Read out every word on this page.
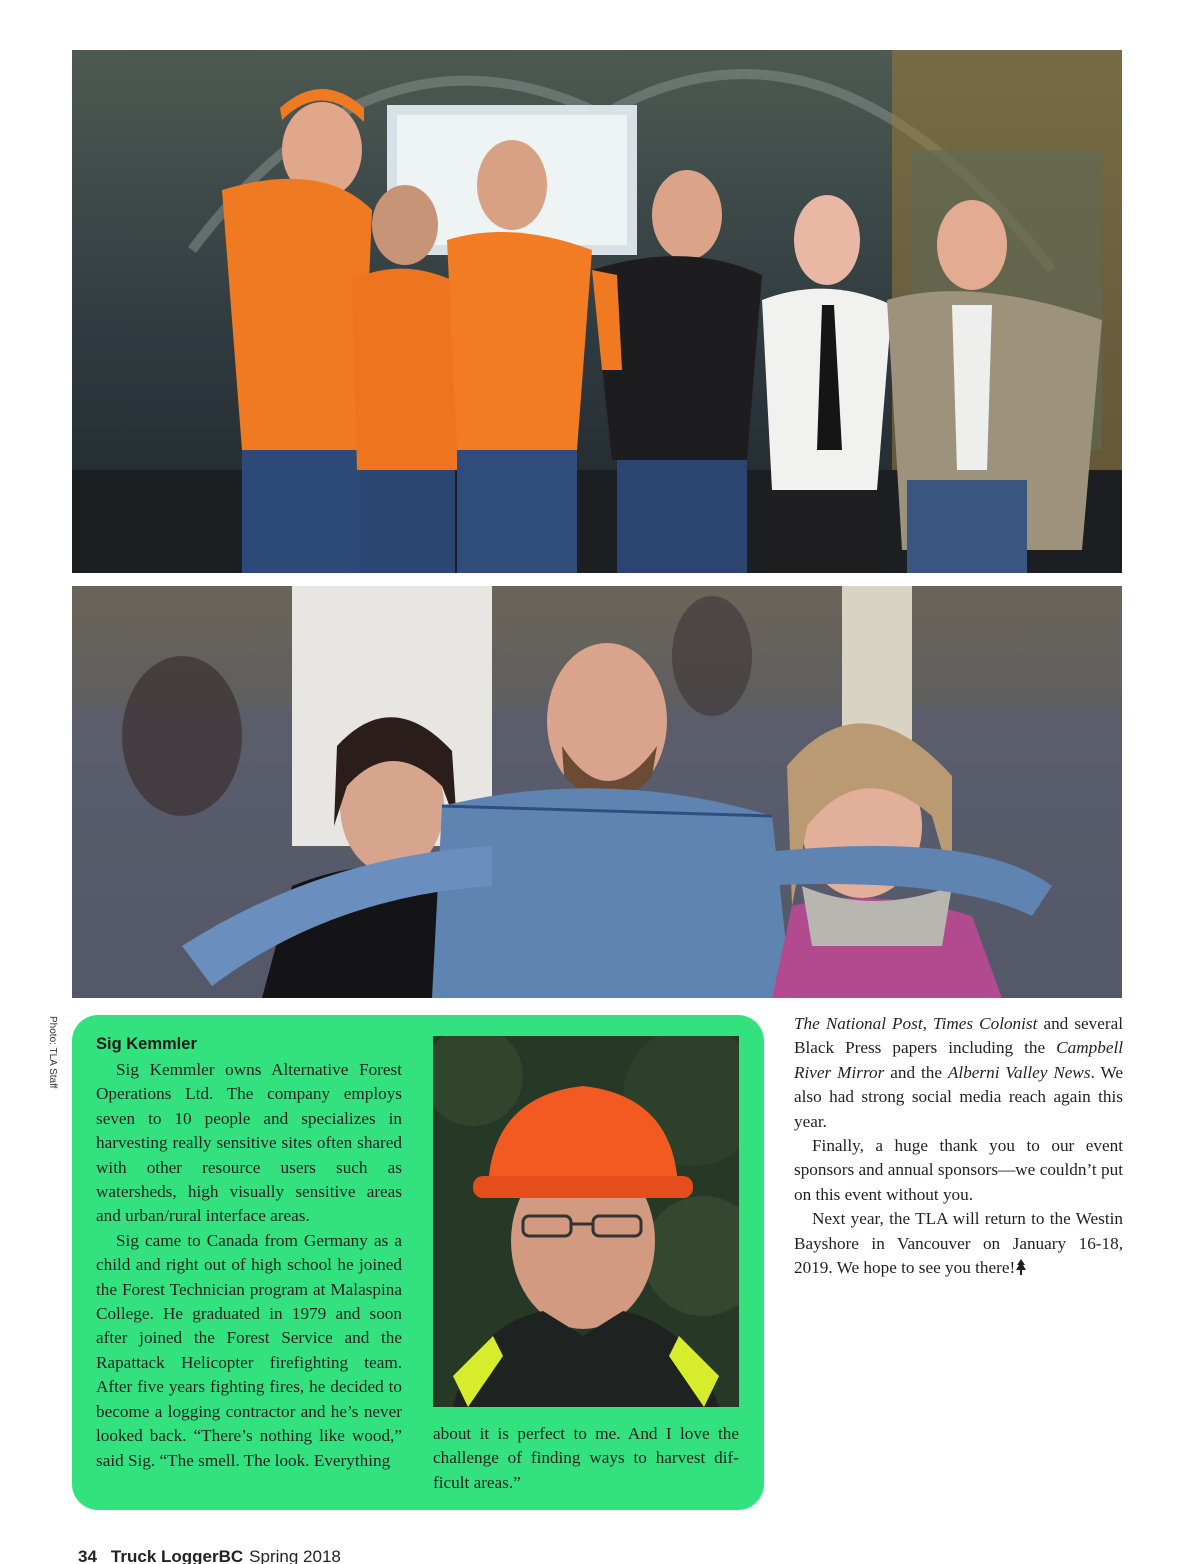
Photo: TLA Staff Sig Kemmler

Sig Kemmler owns Alternative Forest Operations Ltd. The company employs seven to 10 people and specializes in harvesting really sensitive sites often shared with other resource users such as watersheds, high visually sensitive areas and urban/rural interface areas.

Sig came to Canada from Germany as a child and right out of high school he joined the Forest Technician program at Malaspina College. He graduated in 1979 and soon after joined the Forest Service and the Rapattack Helicopter firefighting team. After five years fighting fires, he decided to become a logging contractor and he’s never looked back. “There’s nothing like wood,” said Sig. “The smell. The look. Everything

about it is perfect to me. And I love the challenge of finding ways to harvest difficult areas.”

The National Post, Times Colonist and several Black Press papers including the Campbell River Mirror and the Alberni Valley News. We also had strong social media reach again this year.

Finally, a huge thank you to our event sponsors and annual sponsors—we couldn’t put on this event without you.

Next year, the TLA will return to the Westin Bayshore in Vancouver on January 16-18, 2019. We hope to see you there!

34 Truck LoggerBC Spring 2018
